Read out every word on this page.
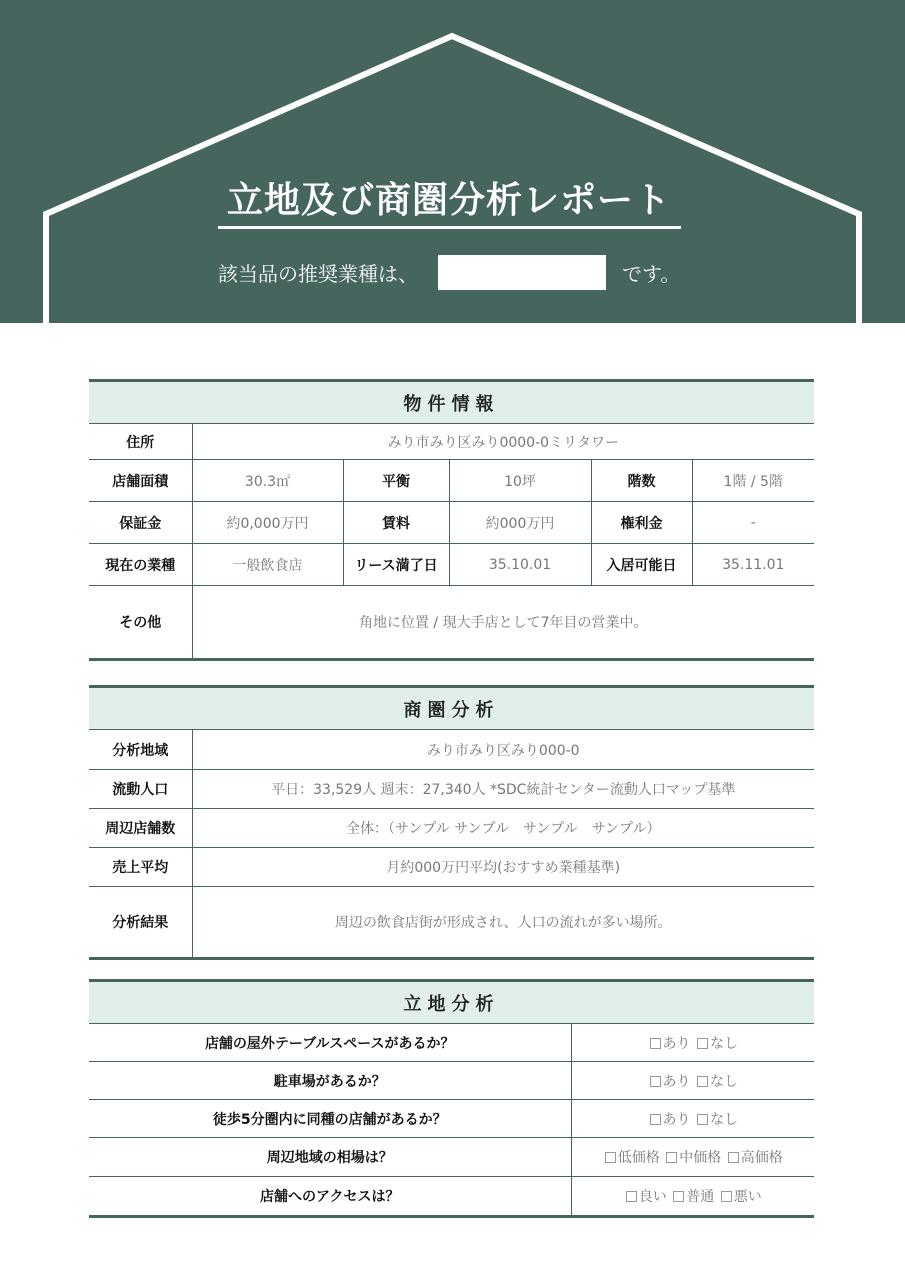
立地及び商圏分析レポート
該当品の推奨業種は、	です。
物件情報					
住所	みり市みり区みり0000-0ミリタワー				
店舗面積	30.3㎡	平衡	10坪	階数	1階 / 5階
保証金	約0,000万円	賃料	約000万円	権利金	-
現在の業種	一般飲食店	リース満了日	35.10.01	入居可能日	35.11.01
その他	角地に位置 / 現大手店として7年目の営業中。				
商圏分析	
分析地域	みり市みり区みり000-0
流動人口	平日：33,529人 週末：27,340人 *SDC統計センター流動人口マップ基準
周辺店舗数	全体：（サンプル サンプル　サンプル　サンプル）
売上平均	月約000万円平均(おすすめ業種基準)
分析結果	周辺の飲食店街が形成され、人口の流れが多い場所。
立地分析	
店舗の屋外テーブルスペースがあるか？	あり なし
駐車場があるか？	あり なし
徒歩5分圏内に同種の店舗があるか？	あり なし
周辺地域の相場は？	低価格 中価格 高価格
店舗へのアクセスは？	良い 普通 悪い
